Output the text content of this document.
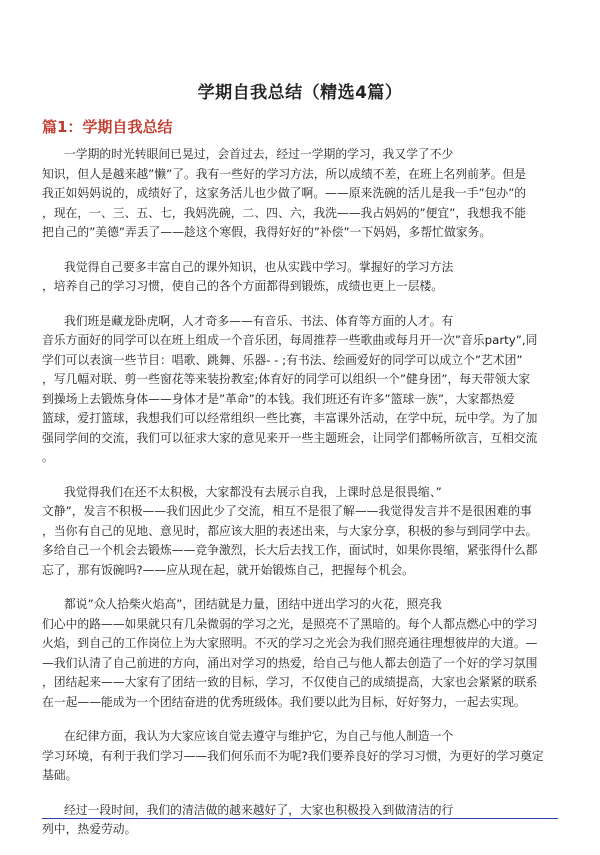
学期自我总结（精选4篇）
篇1：学期自我总结
一学期的时光转眼间已晃过，会首过去，经过一学期的学习，我又学了不少
知识，但人是越来越”懒”了。我有一些好的学习方法，所以成绩不差，在班上名列前茅。但是
我正如妈妈说的，成绩好了，这家务活儿也少做了啊。——原来洗碗的活儿是我一手”包办”的
，现在，一、三、五、七，我妈洗碗，二、四、六，我洗——我占妈妈的”便宜”，我想我不能
把自己的”美德”弄丢了——趁这个寒假，我得好好的”补偿”一下妈妈，多帮忙做家务。
我觉得自己要多丰富自己的课外知识，也从实践中学习。掌握好的学习方法
，培养自己的学习习惯，使自己的各个方面都得到锻炼，成绩也更上一层楼。
我们班是藏龙卧虎啊，人才奇多——有音乐、书法、体育等方面的人才。有
音乐方面好的同学可以在班上组成一个音乐团，每周推荐一些歌曲或每月开一次”音乐party”,同
学们可以表演一些节目：唱歌、跳舞、乐器- - ;有书法、绘画爱好的同学可以成立个”艺术团”
，写几幅对联、剪一些窗花等来装扮教室;体育好的同学可以组织一个”健身团”，每天带领大家
到操场上去锻炼身体——身体才是”革命”的本钱。我们班还有许多”篮球一族”，大家都热爱
篮球，爱打篮球，我想我们可以经常组织一些比赛，丰富课外活动，在学中玩，玩中学。为了加
强同学间的交流，我们可以征求大家的意见来开一些主题班会，让同学们都畅所欲言，互相交流
。
我觉得我们在还不太积极，大家都没有去展示自我，上课时总是很畏缩、”
文静”，发言不积极——我们因此少了交流，相互不是很了解——我觉得发言并不是很困难的事
，当你有自己的见地、意见时，都应该大胆的表述出来，与大家分享，积极的参与到同学中去。
多给自己一个机会去锻炼——竞争激烈，长大后去找工作，面试时，如果你畏缩，紧张得什么都
忘了，那有饭碗吗?——应从现在起，就开始锻炼自己，把握每个机会。
都说”众人拾柴火焰高”，团结就是力量，团结中迸出学习的火花，照亮我
们心中的路——如果就只有几朵微弱的学习之光，是照亮不了黑暗的。每个人都点燃心中的学习
火焰，到自己的工作岗位上为大家照明。不灭的学习之光会为我们照亮通往理想彼岸的大道。—
—我们认清了自己前进的方向，涌出对学习的热爱，给自己与他人都去创造了一个好的学习氛围
，团结起来——大家有了团结一致的目标，学习，不仅使自己的成绩提高，大家也会紧紧的联系
在一起——能成为一个团结奋进的优秀班级体。我们要以此为目标，好好努力，一起去实现。
在纪律方面，我认为大家应该自觉去遵守与维护它，为自己与他人制造一个
学习环境，有利于我们学习——我们何乐而不为呢?我们要养良好的学习习惯，为更好的学习奠定
基础。
经过一段时间，我们的清洁做的越来越好了，大家也积极投入到做清洁的行
列中，热爱劳动。
